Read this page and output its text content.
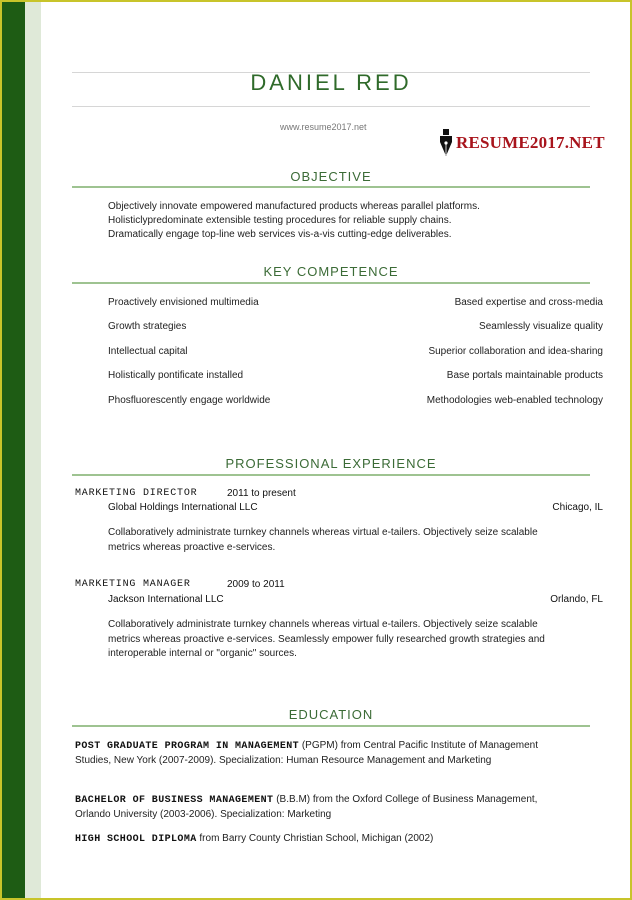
DANIEL RED
www.resume2017.net
RESUME2017.NET
OBJECTIVE
Objectively innovate empowered manufactured products whereas parallel platforms.
Holisticlypredominate extensible testing procedures for reliable supply chains.
Dramatically engage top-line web services vis-a-vis cutting-edge deliverables.
KEY COMPETENCE
Proactively envisioned multimedia	Based expertise and cross-media
Growth strategies	Seamlessly visualize quality
Intellectual capital	Superior collaboration and idea-sharing
Holistically pontificate installed	Base portals maintainable products
Phosfluorescently engage worldwide	Methodologies web-enabled technology
PROFESSIONAL EXPERIENCE
MARKETING DIRECTOR	2011 to present
Global Holdings International LLC	Chicago, IL

Collaboratively administrate turnkey channels whereas virtual e-tailers. Objectively seize scalable metrics whereas proactive e-services.

MARKETING MANAGER	2009 to 2011
Jackson International LLC	Orlando, FL

Collaboratively administrate turnkey channels whereas virtual e-tailers. Objectively seize scalable metrics whereas proactive e-services. Seamlessly empower fully researched growth strategies and interoperable internal or "organic" sources.

EDUCATION

POST GRADUATE PROGRAM IN MANAGEMENT (PGPM) from Central Pacific Institute of Management Studies, New York (2007-2009). Specialization: Human Resource Management and Marketing

BACHELOR OF BUSINESS MANAGEMENT (B.B.M) from the Oxford College of Business Management, Orlando University (2003-2006). Specialization: Marketing

HIGH SCHOOL DIPLOMA from Barry County Christian School, Michigan (2002)
